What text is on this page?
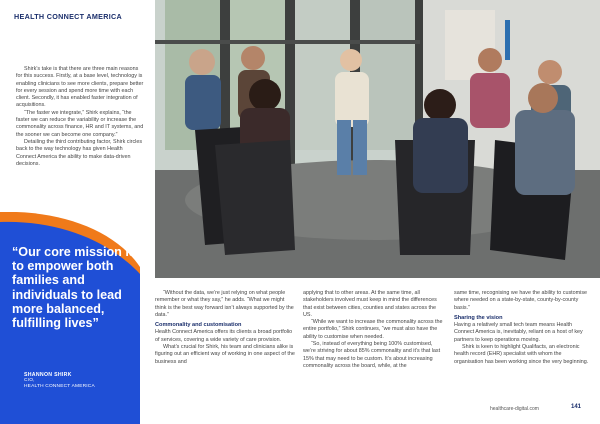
HEALTH CONNECT AMERICA

Shirk’s take is that there are three main reasons for this success. Firstly, at a base level, technology is enabling clinicians to see more clients, prepare better for every session and spend more time with each client. Secondly, it has enabled faster integration of acquisitions.

“The faster we integrate,” Shirk explains, “the faster we can reduce the variability or increase the commonality across finance, HR and IT systems, and the sooner we can become one company.”

Detailing the third contributing factor, Shirk circles back to the way technology has given Health Connect America the ability to make data-driven decisions.

“Our core mission is to empower both families and individuals to lead more balanced, fulfilling lives”
SHANNON SHIRK
CIO,
HEALTH CONNECT AMERICA

“Without the data, we’re just relying on what people remember or what they say,” he adds. “What we might think is the best way forward isn’t always supported by the data.”

Commonality and customisation

Health Connect America offers its clients a broad portfolio of services, covering a wide variety of care provision.

What’s crucial for Shirk, his team and clinicians alike is figuring out an efficient way of working in one aspect of the business and

applying that to other areas. At the same time, all stakeholders involved must keep in mind the differences that exist between cities, counties and states across the US.

“While we want to increase the commonality across the entire portfolio,” Shirk continues, “we must also have the ability to customise when needed.

“So, instead of everything being 100% customised, we’re striving for about 85% commonality and it’s that last 15% that may need to be custom. It’s about increasing commonality across the board, while, at the

same time, recognising we have the ability to customise where needed on a state-by-state, county-by-county basis.”

Sharing the vision

Having a relatively small tech team means Health Connect America is, inevitably, reliant on a host of key partners to keep operations moving.

Shirk is keen to highlight Qualifacts, an electronic health record (EHR) specialist with whom the organisation has been working since the very beginning.

healthcare-digital.com	141
